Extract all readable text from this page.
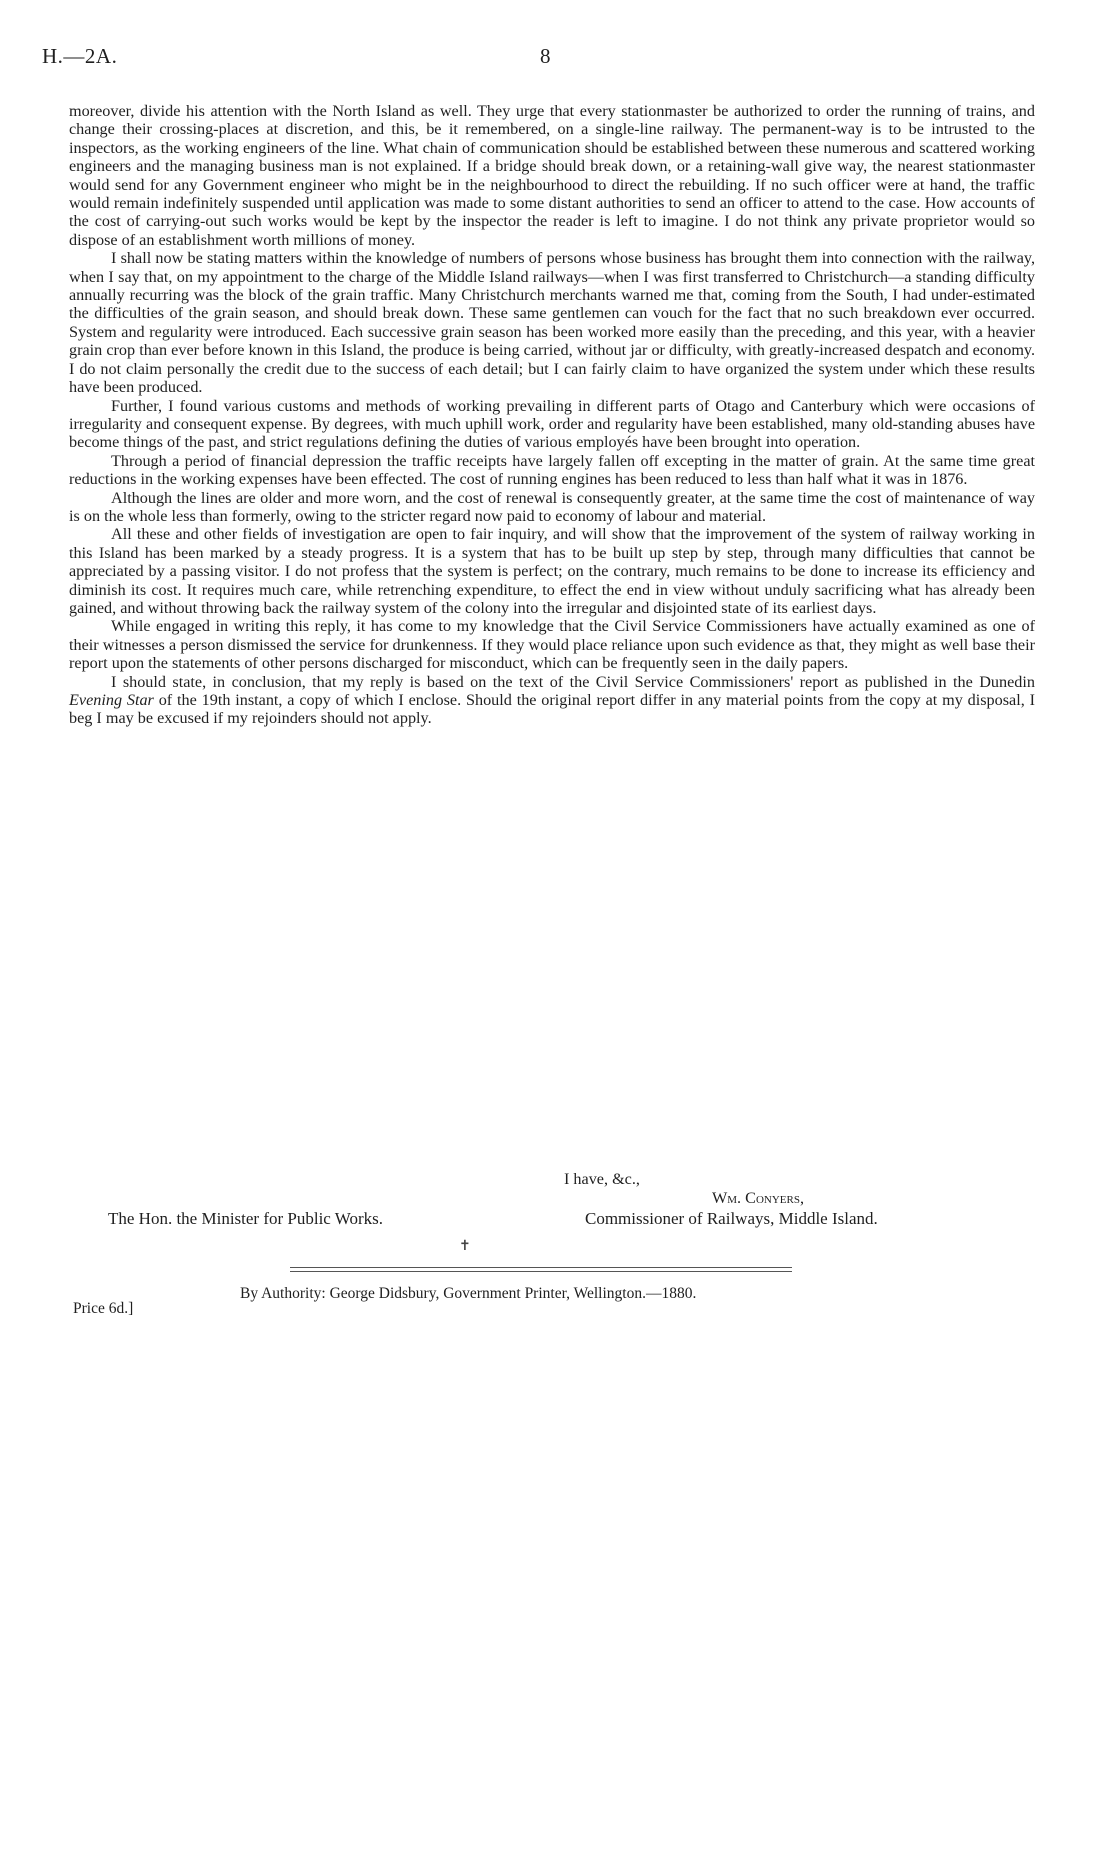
H.—2A.	8

moreover, divide his attention with the North Island as well. They urge that every stationmaster be authorized to order the running of trains, and change their crossing-places at discretion, and this, be it remembered, on a single-line railway. The permanent-way is to be intrusted to the inspectors, as the working engineers of the line. What chain of communication should be established between these numerous and scattered working engineers and the managing business man is not explained. If a bridge should break down, or a retaining-wall give way, the nearest stationmaster would send for any Government engineer who might be in the neighbourhood to direct the rebuilding. If no such officer were at hand, the traffic would remain indefinitely suspended until application was made to some distant authorities to send an officer to attend to the case. How accounts of the cost of carrying-out such works would be kept by the inspector the reader is left to imagine. I do not think any private proprietor would so dispose of an establishment worth millions of money.

I shall now be stating matters within the knowledge of numbers of persons whose business has brought them into connection with the railway, when I say that, on my appointment to the charge of the Middle Island railways—when I was first transferred to Christchurch—a standing difficulty annually recurring was the block of the grain traffic. Many Christchurch merchants warned me that, coming from the South, I had under-estimated the difficulties of the grain season, and should break down. These same gentlemen can vouch for the fact that no such breakdown ever occurred. System and regularity were introduced. Each successive grain season has been worked more easily than the preceding, and this year, with a heavier grain crop than ever before known in this Island, the produce is being carried, without jar or difficulty, with greatly-increased despatch and economy. I do not claim personally the credit due to the success of each detail; but I can fairly claim to have organized the system under which these results have been produced.

Further, I found various customs and methods of working prevailing in different parts of Otago and Canterbury which were occasions of irregularity and consequent expense. By degrees, with much uphill work, order and regularity have been established, many old-standing abuses have become things of the past, and strict regulations defining the duties of various employés have been brought into operation.

Through a period of financial depression the traffic receipts have largely fallen off excepting in the matter of grain. At the same time great reductions in the working expenses have been effected. The cost of running engines has been reduced to less than half what it was in 1876.

Although the lines are older and more worn, and the cost of renewal is consequently greater, at the same time the cost of maintenance of way is on the whole less than formerly, owing to the stricter regard now paid to economy of labour and material.

All these and other fields of investigation are open to fair inquiry, and will show that the improvement of the system of railway working in this Island has been marked by a steady progress. It is a system that has to be built up step by step, through many difficulties that cannot be appreciated by a passing visitor. I do not profess that the system is perfect; on the contrary, much remains to be done to increase its efficiency and diminish its cost. It requires much care, while retrenching expenditure, to effect the end in view without unduly sacrificing what has already been gained, and without throwing back the railway system of the colony into the irregular and disjointed state of its earliest days.

While engaged in writing this reply, it has come to my knowledge that the Civil Service Commissioners have actually examined as one of their witnesses a person dismissed the service for drunkenness. If they would place reliance upon such evidence as that, they might as well base their report upon the statements of other persons discharged for misconduct, which can be frequently seen in the daily papers.

I should state, in conclusion, that my reply is based on the text of the Civil Service Commissioners' report as published in the Dunedin Evening Star of the 19th instant, a copy of which I enclose. Should the original report differ in any material points from the copy at my disposal, I beg I may be excused if my rejoinders should not apply.

I have, &c.,
Wm. Conyers,
The Hon. the Minister for Public Works.	Commissioner of Railways, Middle Island.
✝
By Authority: George Didsbury, Government Printer, Wellington.—1880.
Price 6d.]
